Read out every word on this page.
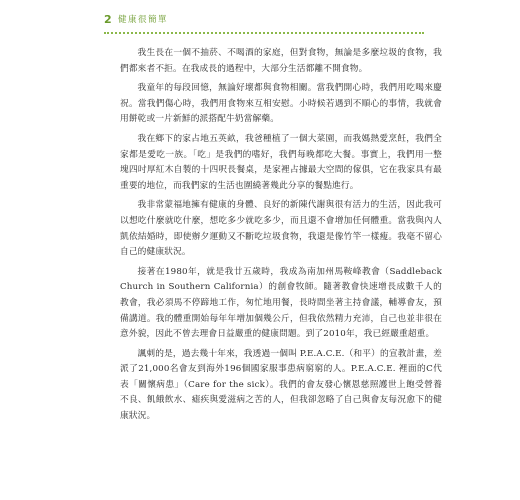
2 健康很簡單

我生長在一個不抽菸、不喝酒的家庭，但對食物，無論是多麼垃圾的食物，我們都來者不拒。在我成長的過程中，大部分生活都離不開食物。

我童年的每段回憶，無論好壞都與食物相關。當我們開心時，我們用吃喝來慶祝。當我們傷心時，我們用食物來互相安慰。小時候若遇到不順心的事情，我就會用餅乾或一片新鮮的派搭配牛奶當解藥。

我在鄉下的家占地五英畝，我爸種植了一個大菜園，而我媽熱愛烹飪，我們全家都是愛吃一族。「吃」是我們的嗜好，我們每晚都吃大餐。事實上，我們用一整塊四吋厚紅木自製的十四呎長餐桌，是家裡占據最大空間的傢俱，它在我家具有最重要的地位，而我們家的生活也圍繞著幾此分享的餐點進行。

我非常蒙福地擁有健康的身體、良好的新陳代謝與很有活力的生活，因此我可以想吃什麼就吃什麼，想吃多少就吃多少，而且還不會增加任何體重。當我與內人凱依結婚時，即使辦夕運動又不斷吃垃圾食物，我還是像竹竿一樣瘦。我毫不留心自己的健康狀況。

接著在1980年，就是我廿五歲時，我成為南加州馬鞍峰教會（Saddleback Church in Southern California）的創會牧師。隨著教會快速增長成數千人的教會，我必須馬不停蹄地工作，匆忙地用餐，長時間坐著主持會議，輔導會友，預備講道。我的體重開始每年年增加個幾公斤，但我依然精力充沛，自己也並非很在意外貌，因此不曾去理會日益嚴重的健康問題。到了2010年，我已經嚴重超重。

諷刺的是，過去幾十年來，我透過一個叫 P.E.A.C.E.（和平）的宣教計畫，差派了21,000名會友到海外196個國家服事患病窮窮的人。P.E.A.C.E. 裡面的C代表「關懷病患」（Care for the sick）。我們的會友發心懷恩慈照護世上飽受營養不良、飢餓飲水、瘧疾與愛滋病之苦的人，但我卻忽略了自己與會友每況愈下的健康狀況。
